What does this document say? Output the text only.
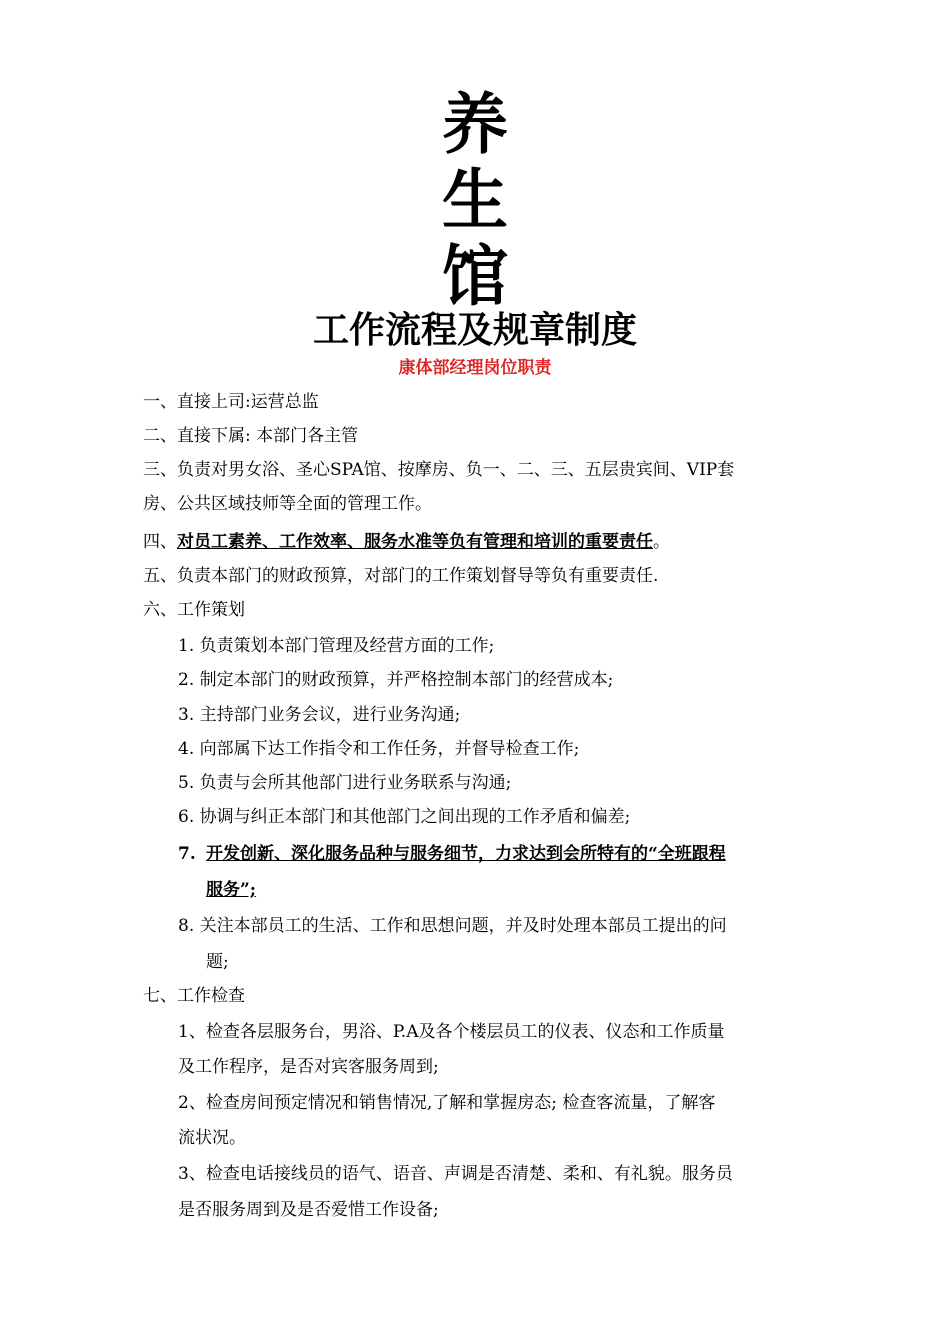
养
生
馆
工作流程及规章制度
康体部经理岗位职责
一、直接上司:运营总监
二、直接下属: 本部门各主管
三、负责对男女浴、圣心SPA馆、按摩房、负一、二、三、五层贵宾间、VIP套
房、公共区域技师等全面的管理工作。
四、对员工素养、工作效率、服务水准等负有管理和培训的重要责任。
五、负责本部门的财政预算，对部门的工作策划督导等负有重要责任.
六、工作策划
1. 负责策划本部门管理及经营方面的工作;
2. 制定本部门的财政预算，并严格控制本部门的经营成本;
3. 主持部门业务会议，进行业务沟通;
4. 向部属下达工作指令和工作任务，并督导检查工作;
5. 负责与会所其他部门进行业务联系与沟通;
6. 协调与纠正本部门和其他部门之间出现的工作矛盾和偏差;
7. 开发创新、深化服务品种与服务细节，力求达到会所特有的“全班跟程
服务”;
8. 关注本部员工的生活、工作和思想问题，并及时处理本部员工提出的问
题;
七、工作检查
1、检查各层服务台，男浴、P.A及各个楼层员工的仪表、仪态和工作质量
及工作程序，是否对宾客服务周到;
2、检查房间预定情况和销售情况,了解和掌握房态; 检查客流量，了解客
流状况。
3、检查电话接线员的语气、语音、声调是否清楚、柔和、有礼貌。服务员
是否服务周到及是否爱惜工作设备;
